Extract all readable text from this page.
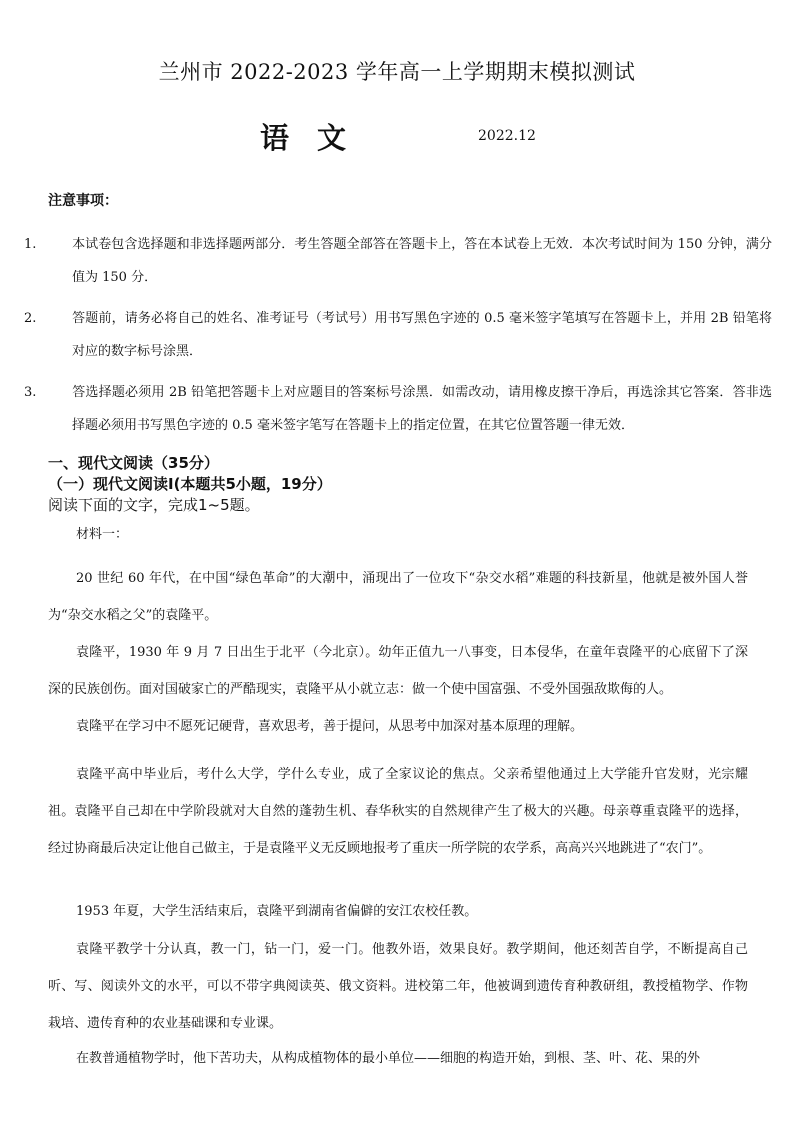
兰州市 2022-2023 学年高一上学期期末模拟测试
语文	2022.12
注意事项：
1.	本试卷包含选择题和非选择题两部分．考生答题全部答在答题卡上，答在本试卷上无效．本次考试时间为 150 分钟，满分值为 150 分．
2.	答题前，请务必将自己的姓名、准考证号（考试号）用书写黑色字迹的 0.5 毫米签字笔填写在答题卡上，并用 2B 铅笔将对应的数字标号涂黑．
3.	答选择题必须用 2B 铅笔把答题卡上对应题目的答案标号涂黑．如需改动，请用橡皮擦干净后，再选涂其它答案．答非选择题必须用书写黑色字迹的 0.5 毫米签字笔写在答题卡上的指定位置，在其它位置答题一律无效．
一、现代文阅读（35分）
（一）现代文阅读Ⅰ(本题共5小题，19分）
阅读下面的文字，完成1~5题。
材料一：
20 世纪 60 年代，在中国“绿色革命”的大潮中，涌现出了一位攻下“杂交水稻”难题的科技新星，他就是被外国人誉为“杂交水稻之父”的袁隆平。
袁隆平，1930 年 9 月 7 日出生于北平（今北京）。幼年正值九一八事变，日本侵华，在童年袁隆平的心底留下了深深的民族创伤。面对国破家亡的严酷现实，袁隆平从小就立志：做一个使中国富强、不受外国强敌欺侮的人。
袁隆平在学习中不愿死记硬背，喜欢思考，善于提问，从思考中加深对基本原理的理解。
袁隆平高中毕业后，考什么大学，学什么专业，成了全家议论的焦点。父亲希望他通过上大学能升官发财，光宗耀祖。袁隆平自己却在中学阶段就对大自然的蓬勃生机、春华秋实的自然规律产生了极大的兴趣。母亲尊重袁隆平的选择，经过协商最后决定让他自己做主，于是袁隆平义无反顾地报考了重庆一所学院的农学系，高高兴兴地跳进了“农门”。
1953 年夏，大学生活结束后，袁隆平到湖南省偏僻的安江农校任教。
袁隆平教学十分认真，教一门，钻一门，爱一门。他教外语，效果良好。教学期间，他还刻苦自学，不断提高自己听、写、阅读外文的水平，可以不带字典阅读英、俄文资料。进校第二年，他被调到遗传育种教研组，教授植物学、作物栽培、遗传育种的农业基础课和专业课。
在教普通植物学时，他下苦功夫，从构成植物体的最小单位——细胞的构造开始，到根、茎、叶、花、果的外
